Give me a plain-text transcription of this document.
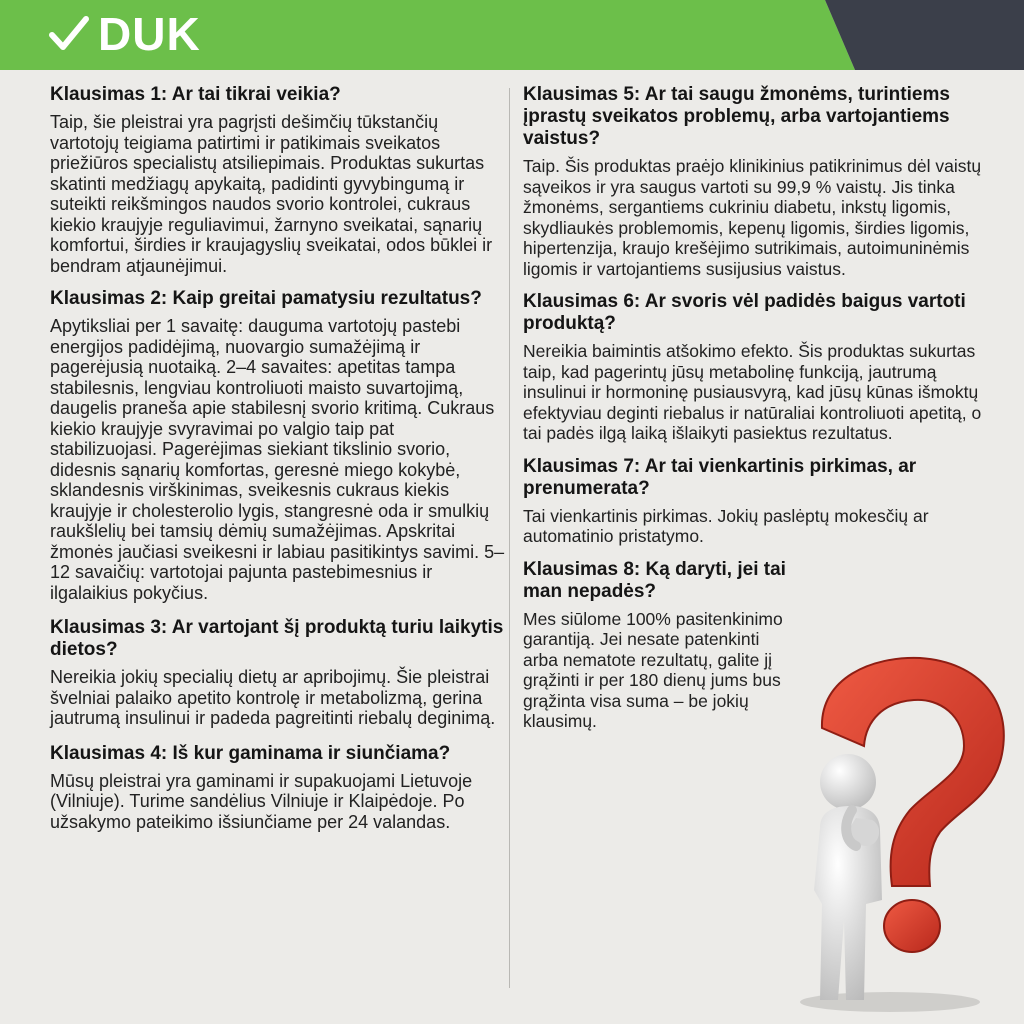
DUK
Klausimas 1: Ar tai tikrai veikia?
Taip, šie pleistrai yra pagrįsti dešimčių tūkstančių vartotojų teigiama patirtimi ir patikimais sveikatos priežiūros specialistų atsiliepimais. Produktas sukurtas skatinti medžiagų apykaitą, padidinti gyvybingumą ir suteikti reikšmingos naudos svorio kontrolei, cukraus kiekio kraujyje reguliavimui, žarnyno sveikatai, sąnarių komfortui, širdies ir kraujagyslių sveikatai, odos būklei ir bendram atjaunėjimui.
Klausimas 2: Kaip greitai pamatysiu rezultatus?
Apytiksliai per 1 savaitę: dauguma vartotojų pastebi energijos padidėjimą, nuovargio sumažėjimą ir pagerėjusią nuotaiką. 2–4 savaites: apetitas tampa stabilesnis, lengviau kontroliuoti maisto suvartojimą, daugelis praneša apie stabilesnį svorio kritimą. Cukraus kiekio kraujyje svyravimai po valgio taip pat stabilizuojasi. Pagerėjimas siekiant tikslinio svorio, didesnis sąnarių komfortas, geresnė miego kokybė, sklandesnis virškinimas, sveikesnis cukraus kiekis kraujyje ir cholesterolio lygis, stangresnė oda ir smulkių raukšlelių bei tamsių dėmių sumažėjimas. Apskritai žmonės jaučiasi sveikesni ir labiau pasitikintys savimi. 5–12 savaičių: vartotojai pajunta pastebimesnius ir ilgalaikius pokyčius.
Klausimas 3: Ar vartojant šį produktą turiu laikytis dietos?
Nereikia jokių specialių dietų ar apribojimų. Šie pleistrai švelniai palaiko apetito kontrolę ir metabolizmą, gerina jautrumą insulinui ir padeda pagreitinti riebalų deginimą.
Klausimas 4: Iš kur gaminama ir siunčiama?
Mūsų pleistrai yra gaminami ir supakuojami Lietuvoje (Vilniuje). Turime sandėlius Vilniuje ir Klaipėdoje. Po užsakymo pateikimo išsiunčiame per 24 valandas.
Klausimas 5: Ar tai saugu žmonėms, turintiems įprastų sveikatos problemų, arba vartojantiems vaistus?
Taip. Šis produktas praėjo klinikinius patikrinimus dėl vaistų sąveikos ir yra saugus vartoti su 99,9 % vaistų. Jis tinka žmonėms, sergantiems cukriniu diabetu, inkstų ligomis, skydliaukės problemomis, kepenų ligomis, širdies ligomis, hipertenzija, kraujo krešėjimo sutrikimais, autoimuninėmis ligomis ir vartojantiems susijusius vaistus.
Klausimas 6: Ar svoris vėl padidės baigus vartoti produktą?
Nereikia baimintis atšokimo efekto. Šis produktas sukurtas taip, kad pagerintų jūsų metabolinę funkciją, jautrumą insulinui ir hormoninę pusiausvyrą, kad jūsų kūnas išmoktų efektyviau deginti riebalus ir natūraliai kontroliuoti apetitą, o tai padės ilgą laiką išlaikyti pasiektus rezultatus.
Klausimas 7: Ar tai vienkartinis pirkimas, ar prenumerata?
Tai vienkartinis pirkimas. Jokių paslėptų mokesčių ar automatinio pristatymo.
Klausimas 8: Ką daryti, jei tai man nepadės?
Mes siūlome 100% pasitenkinimo garantiją. Jei nesate patenkinti arba nematote rezultatų, galite jį grąžinti ir per 180 dienų jums bus grąžinta visa suma – be jokių klausimų.
